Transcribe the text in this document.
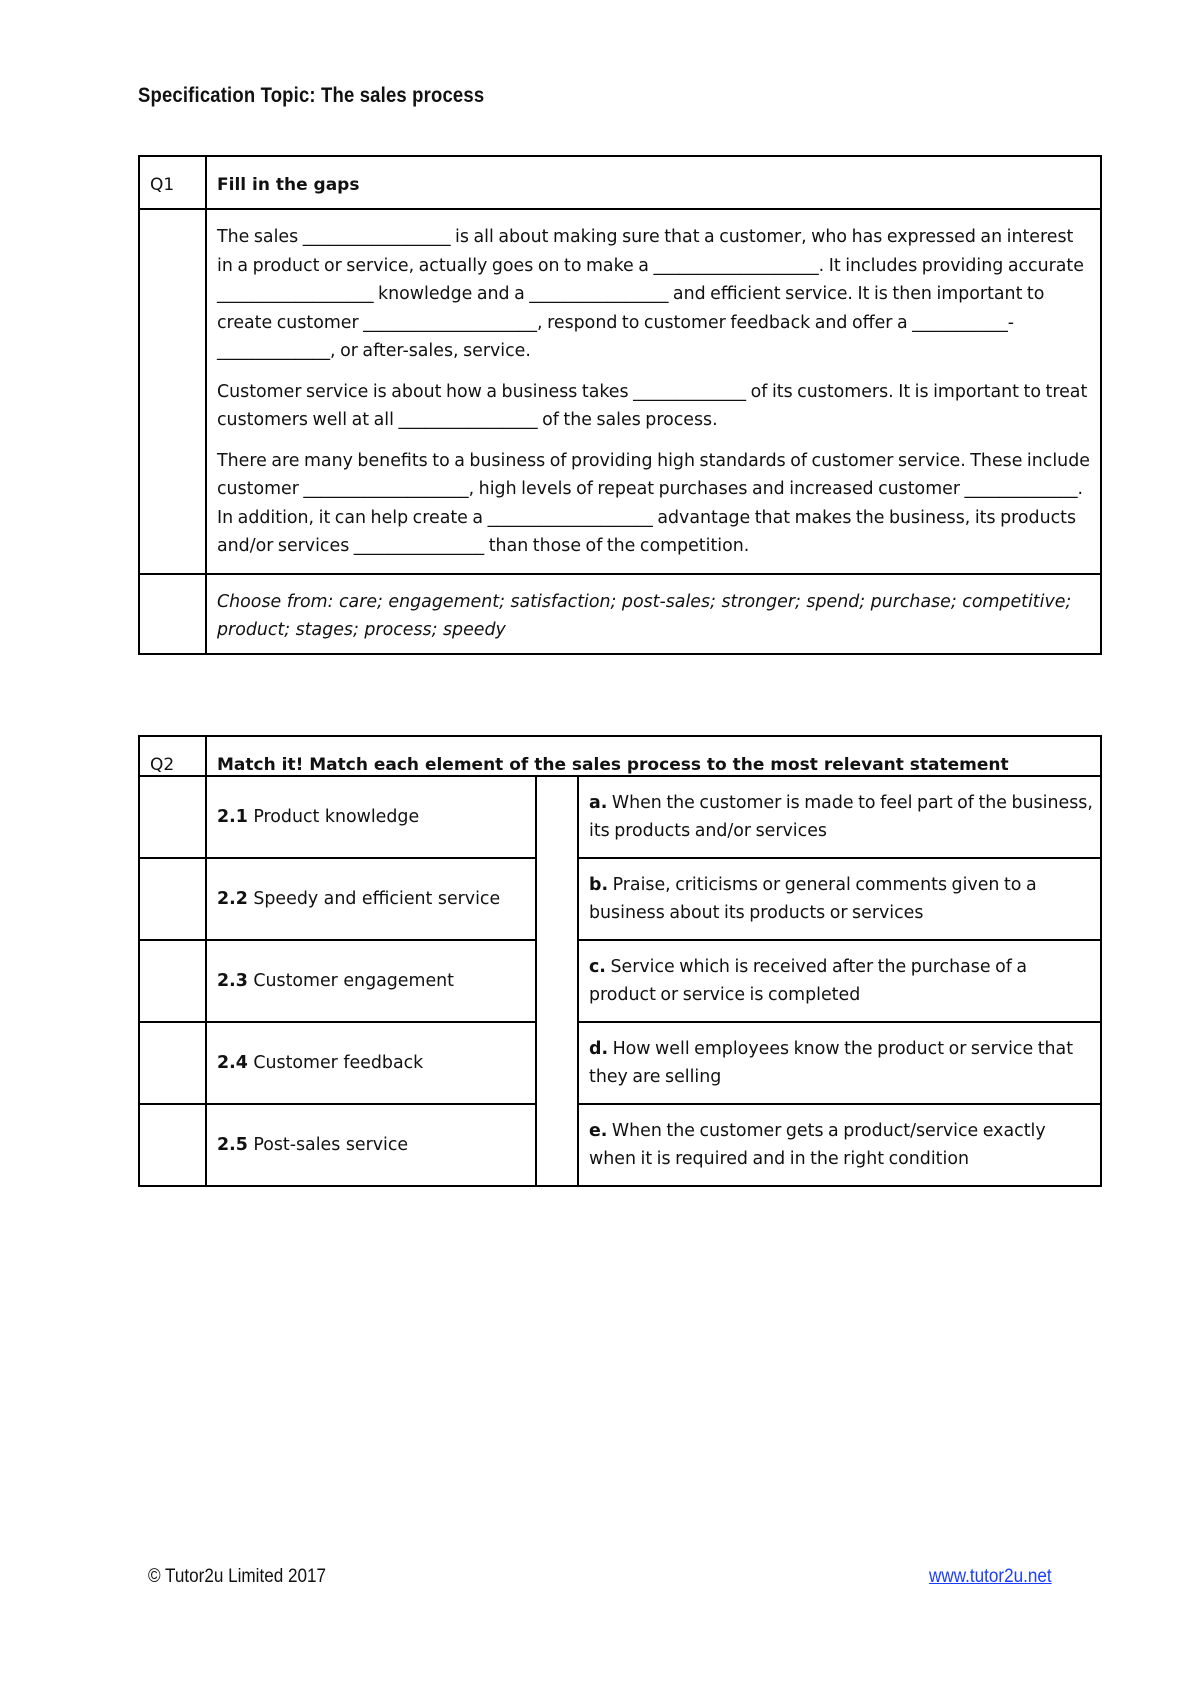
Specification Topic: The sales process
Q1	Fill in the gaps

	The sales _________________ is all about making sure that a customer, who has expressed an interest in a product or service, actually goes on to make a ___________________. It includes providing accurate __________________ knowledge and a ________________ and efficient service. It is then important to create customer ____________________, respond to customer feedback and offer a ___________-_____________, or after-sales, service.

Customer service is about how a business takes _____________ of its customers. It is important to treat customers well at all ________________ of the sales process.

There are many benefits to a business of providing high standards of customer service. These include customer ___________________, high levels of repeat purchases and increased customer _____________. In addition, it can help create a ___________________ advantage that makes the business, its products and/or services _______________ than those of the competition.

	Choose from: care; engagement; satisfaction; post-sales; stronger; spend; purchase; competitive; product; stages; process; speedy
Q2	Match it! Match each element of the sales process to the most relevant statement		

	2.1 Product knowledge		a. When the customer is made to feel part of the business, its products and/or services

	2.2 Speedy and efficient service		b. Praise, criticisms or general comments given to a business about its products or services

	2.3 Customer engagement		c. Service which is received after the purchase of a product or service is completed

	2.4 Customer feedback		d. How well employees know the product or service that they are selling

	2.5 Post-sales service		e. When the customer gets a product/service exactly when it is required and in the right condition
© Tutor2u Limited 2017	www.tutor2u.net
